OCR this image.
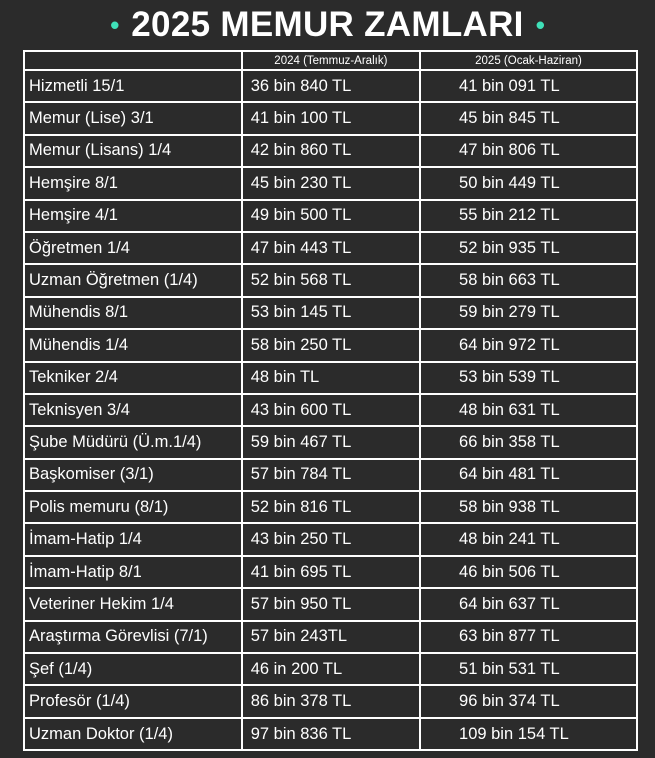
• 2025 MEMUR ZAMLARI •
	2024 (Temmuz-Aralık)	2025 (Ocak-Haziran)
Hizmetli 15/1	36 bin 840 TL	41 bin 091 TL
Memur (Lise) 3/1	41 bin 100 TL	45 bin 845 TL
Memur (Lisans) 1/4	42 bin 860 TL	47 bin 806 TL
Hemşire 8/1	45 bin 230 TL	50 bin 449 TL
Hemşire 4/1	49 bin 500 TL	55 bin 212 TL
Öğretmen 1/4	47 bin 443 TL	52 bin 935 TL
Uzman Öğretmen (1/4)	52 bin 568 TL	58 bin 663 TL
Mühendis 8/1	53 bin 145 TL	59 bin 279 TL
Mühendis 1/4	58 bin 250 TL	64 bin 972 TL
Tekniker 2/4	48 bin TL	53 bin 539 TL
Teknisyen 3/4	43 bin 600 TL	48 bin 631 TL
Şube Müdürü (Ü.m.1/4)	59 bin 467 TL	66 bin 358 TL
Başkomiser (3/1)	57 bin 784 TL	64 bin 481 TL
Polis memuru (8/1)	52 bin 816 TL	58 bin 938 TL
İmam-Hatip 1/4	43 bin 250 TL	48 bin 241 TL
İmam-Hatip 8/1	41 bin 695 TL	46 bin 506 TL
Veteriner Hekim 1/4	57 bin 950 TL	64 bin 637 TL
Araştırma Görevlisi (7/1)	57 bin 243TL	63 bin 877 TL
Şef (1/4)	46 in 200 TL	51 bin 531 TL
Profesör (1/4)	86 bin 378 TL	96 bin 374 TL
Uzman Doktor (1/4)	97 bin 836 TL	109 bin 154 TL
